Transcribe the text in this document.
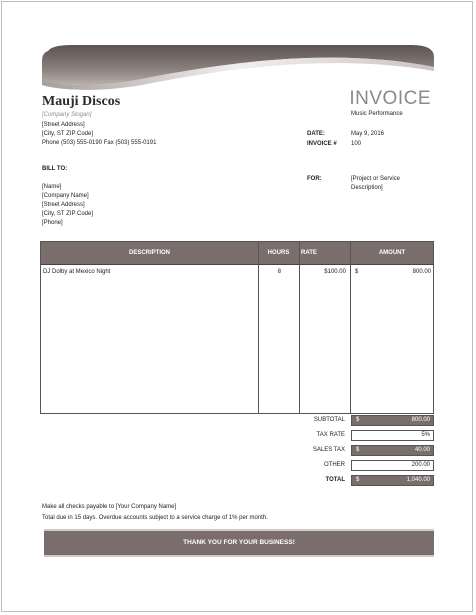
Mauji Discos
[Company Slogan]
[Street Address]
[City, ST ZIP Code]
Phone (503) 555-0190 Fax (503) 555-0191
INVOICE
Music Performance
DATE:	May 9, 2016
INVOICE # 100
BILL TO:
[Name]
[Company Name]
[Street Address]
[City, ST ZIP Code]
[Phone]
FOR:	[Project or Service Description]
DESCRIPTION	HOURS	RATE	AMOUNT
DJ Dolby at Mexico Night	8	$100.00 $	800.00
SUBTOTAL $	800.00
TAX RATE	5%
SALES TAX $	40.00
OTHER	200.00
TOTAL $	1,040.00
Make all checks payable to [Your Company Name]
Total due in 15 days. Overdue accounts subject to a service charge of 1% per month.
THANK YOU FOR YOUR BUSINESS!
